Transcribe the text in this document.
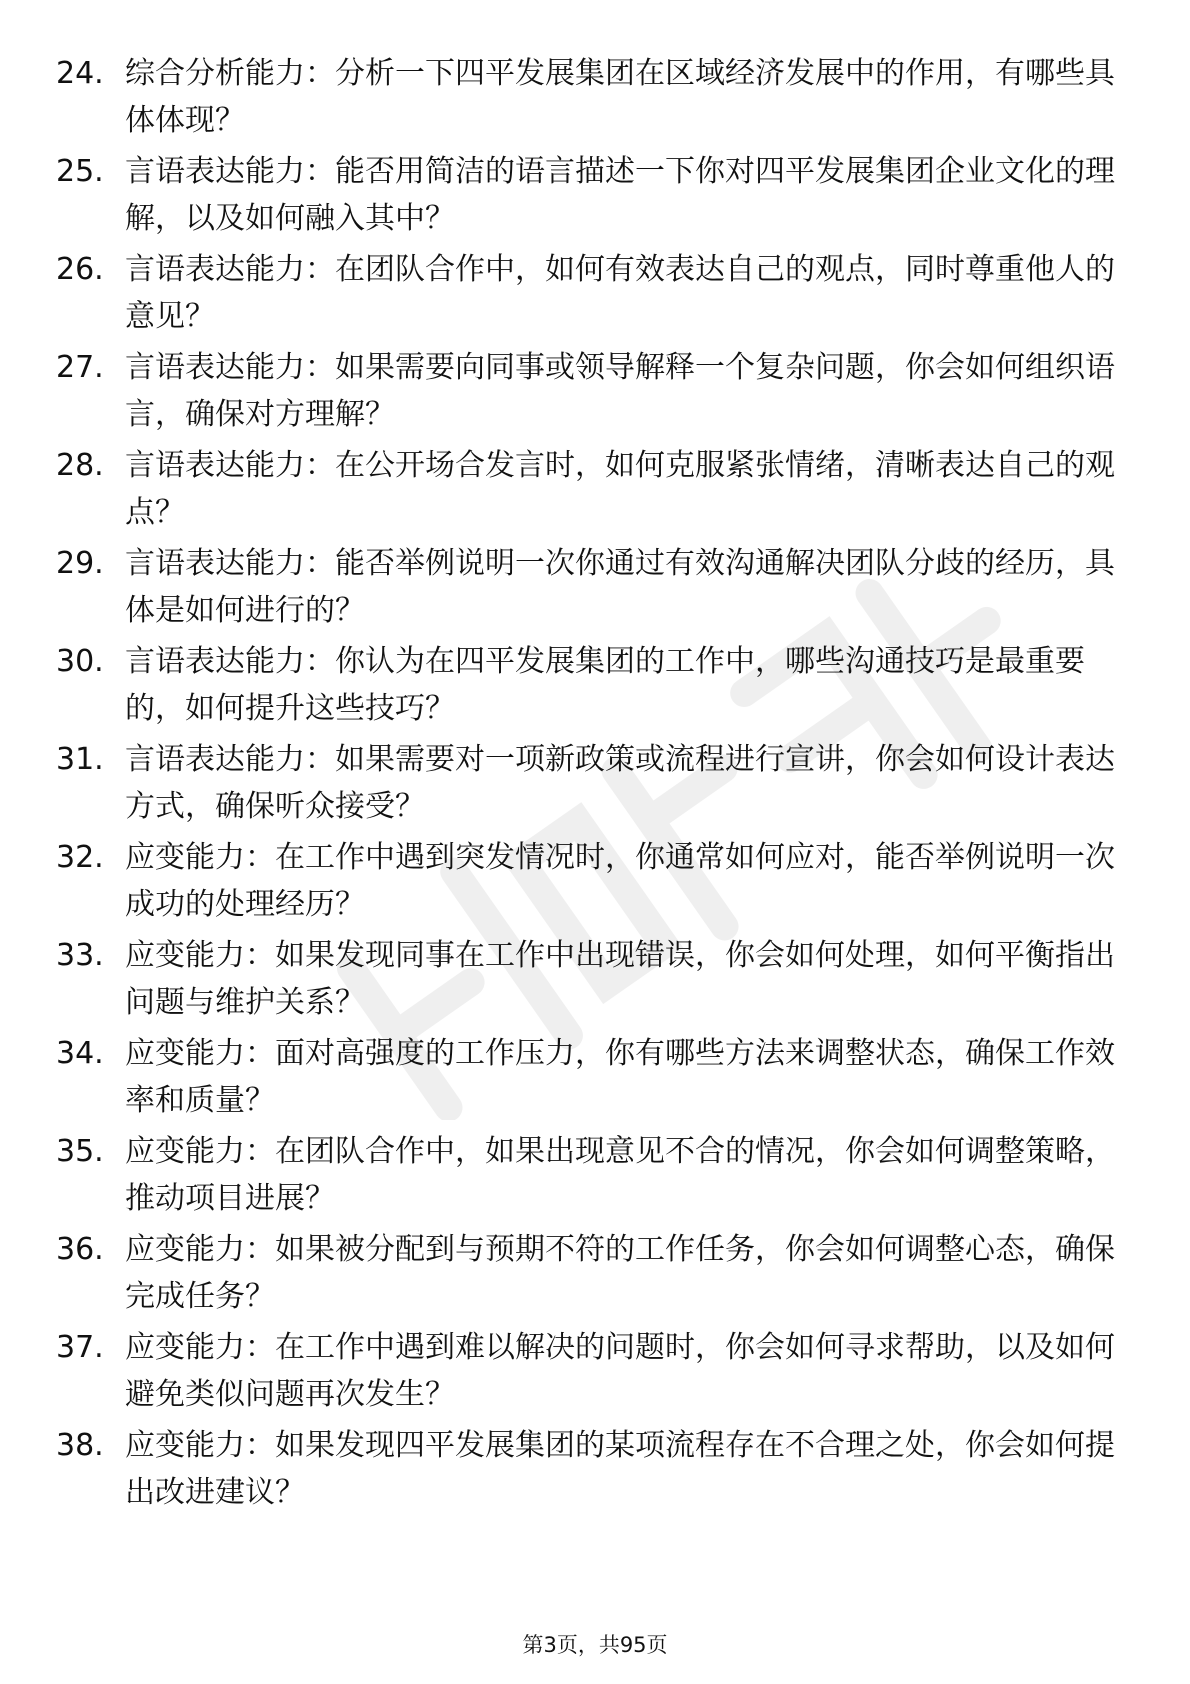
24. 综合分析能力：分析一下四平发展集团在区域经济发展中的作用，有哪些具体体现？
25. 言语表达能力：能否用简洁的语言描述一下你对四平发展集团企业文化的理解，以及如何融入其中？
26. 言语表达能力：在团队合作中，如何有效表达自己的观点，同时尊重他人的意见？
27. 言语表达能力：如果需要向同事或领导解释一个复杂问题，你会如何组织语言，确保对方理解？
28. 言语表达能力：在公开场合发言时，如何克服紧张情绪，清晰表达自己的观点？
29. 言语表达能力：能否举例说明一次你通过有效沟通解决团队分歧的经历，具体是如何进行的？
30. 言语表达能力：你认为在四平发展集团的工作中，哪些沟通技巧是最重要的，如何提升这些技巧？
31. 言语表达能力：如果需要对一项新政策或流程进行宣讲，你会如何设计表达方式，确保听众接受？
32. 应变能力：在工作中遇到突发情况时，你通常如何应对，能否举例说明一次成功的处理经历？
33. 应变能力：如果发现同事在工作中出现错误，你会如何处理，如何平衡指出问题与维护关系？
34. 应变能力：面对高强度的工作压力，你有哪些方法来调整状态，确保工作效率和质量？
35. 应变能力：在团队合作中，如果出现意见不合的情况，你会如何调整策略，推动项目进展？
36. 应变能力：如果被分配到与预期不符的工作任务，你会如何调整心态，确保完成任务？
37. 应变能力：在工作中遇到难以解决的问题时，你会如何寻求帮助，以及如何避免类似问题再次发生？
38. 应变能力：如果发现四平发展集团的某项流程存在不合理之处，你会如何提出改进建议？
第3页，共95页
